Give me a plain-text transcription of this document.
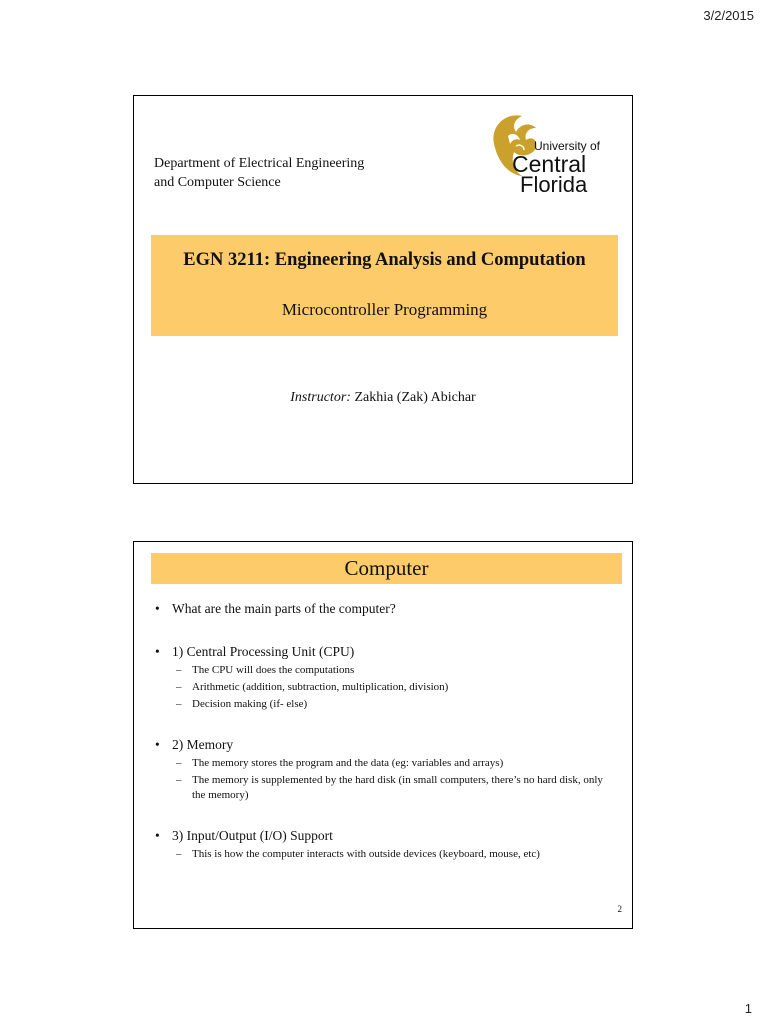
3/2/2015
Department of Electrical Engineering
and Computer Science
University of
Central
Florida
EGN 3211: Engineering Analysis and Computation
Microcontroller Programming
Instructor: Zakhia (Zak) Abichar
Computer
• What are the main parts of the computer?
• 1) Central Processing Unit (CPU)
– The CPU will does the computations
– Arithmetic (addition, subtraction, multiplication, division)
– Decision making (if- else)
• 2) Memory
– The memory stores the program and the data (eg: variables and arrays)
– The memory is supplemented by the hard disk (in small computers, there’s no hard disk, only the memory)
• 3) Input/Output (I/O) Support
– This is how the computer interacts with outside devices (keyboard, mouse, etc)
2
1
